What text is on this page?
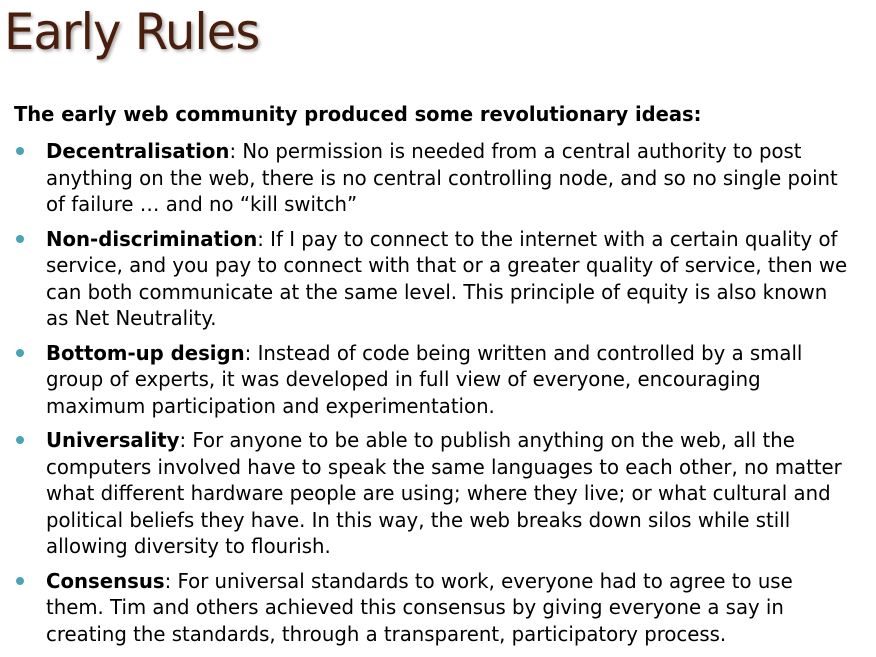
Early Rules

The early web community produced some revolutionary ideas:

Decentralisation: No permission is needed from a central authority to post anything on the web, there is no central controlling node, and so no single point of failure … and no “kill switch”
Non-discrimination: If I pay to connect to the internet with a certain quality of service, and you pay to connect with that or a greater quality of service, then we can both communicate at the same level. This principle of equity is also known as Net Neutrality.
Bottom-up design: Instead of code being written and controlled by a small group of experts, it was developed in full view of everyone, encouraging maximum participation and experimentation.
Universality: For anyone to be able to publish anything on the web, all the computers involved have to speak the same languages to each other, no matter what different hardware people are using; where they live; or what cultural and political beliefs they have. In this way, the web breaks down silos while still allowing diversity to flourish.
Consensus: For universal standards to work, everyone had to agree to use them. Tim and others achieved this consensus by giving everyone a say in creating the standards, through a transparent, participatory process.
